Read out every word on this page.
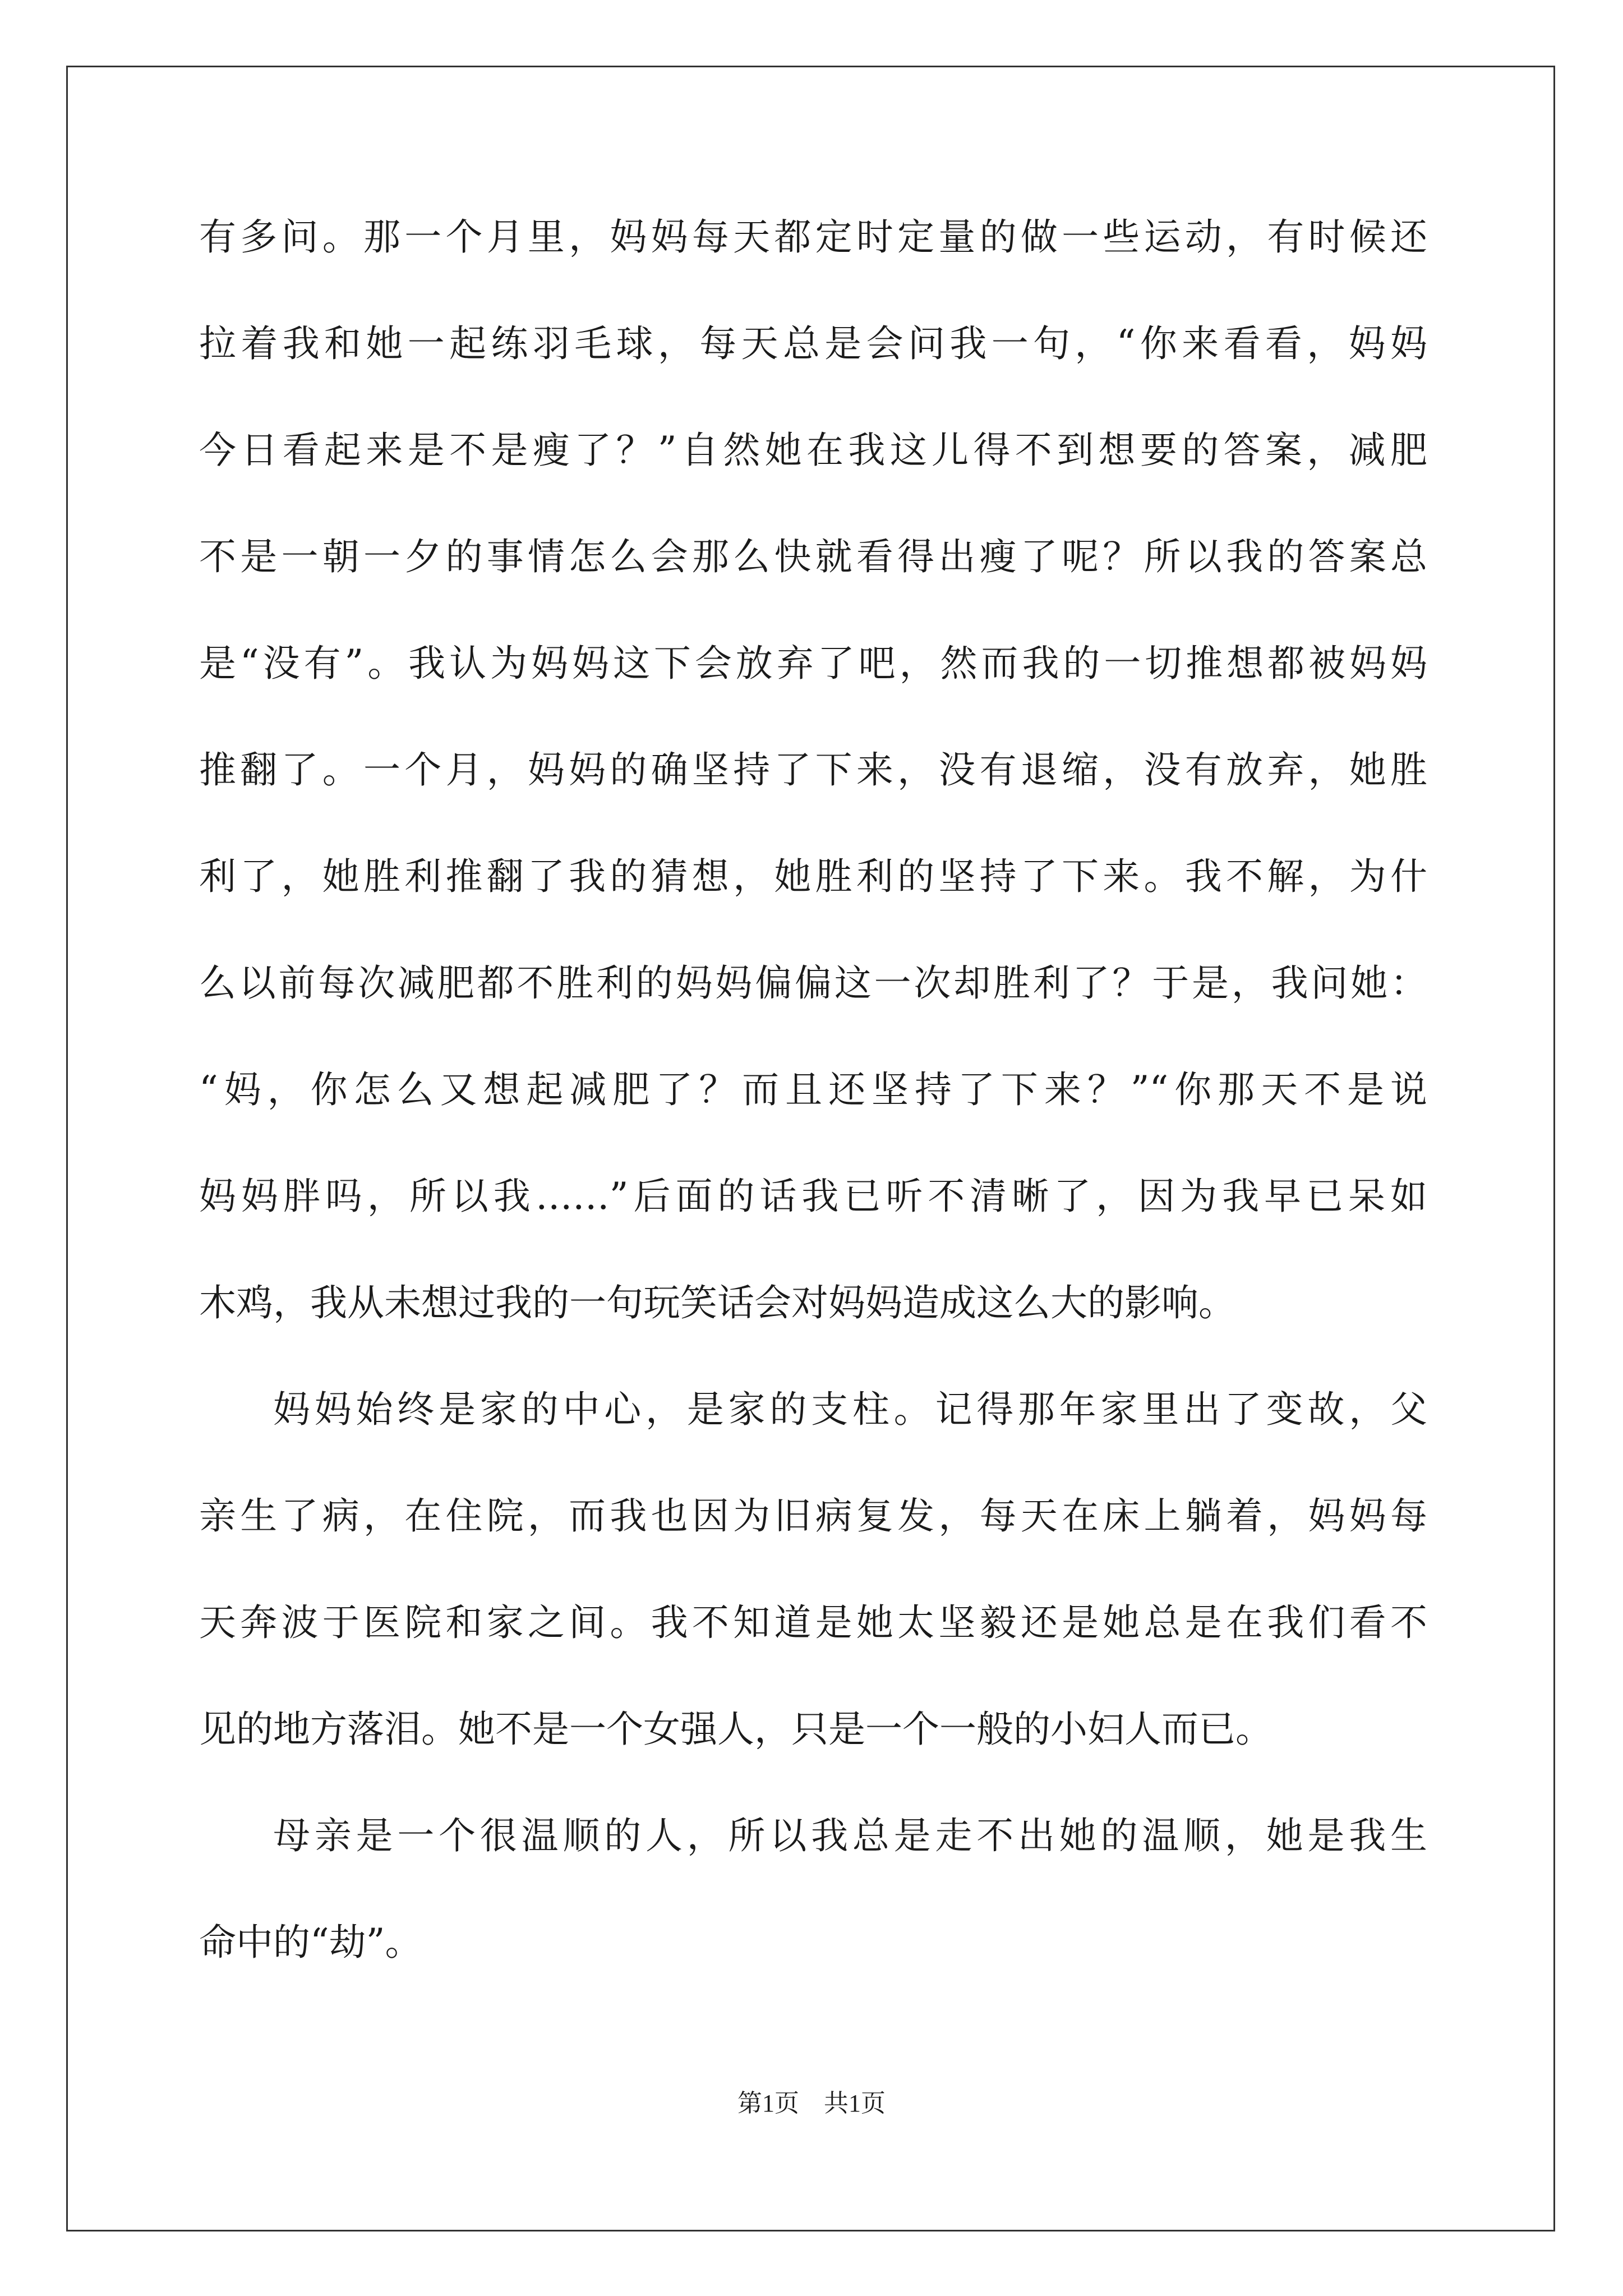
有多问。那一个月里，妈妈每天都定时定量的做一些运动，有时候还
拉着我和她一起练羽毛球，每天总是会问我一句，“你来看看，妈妈
今日看起来是不是瘦了？”自然她在我这儿得不到想要的答案，减肥
不是一朝一夕的事情怎么会那么快就看得出瘦了呢？所以我的答案总
是“没有”。我认为妈妈这下会放弃了吧，然而我的一切推想都被妈妈
推翻了。一个月，妈妈的确坚持了下来，没有退缩，没有放弃，她胜
利了，她胜利推翻了我的猜想，她胜利的坚持了下来。我不解，为什
么以前每次减肥都不胜利的妈妈偏偏这一次却胜利了？于是，我问她：
“妈，你怎么又想起减肥了？而且还坚持了下来？”“你那天不是说
妈妈胖吗，所以我……”后面的话我已听不清晰了，因为我早已呆如
木鸡，我从未想过我的一句玩笑话会对妈妈造成这么大的影响。
妈妈始终是家的中心，是家的支柱。记得那年家里出了变故，父
亲生了病，在住院，而我也因为旧病复发，每天在床上躺着，妈妈每
天奔波于医院和家之间。我不知道是她太坚毅还是她总是在我们看不
见的地方落泪。她不是一个女强人，只是一个一般的小妇人而已。
母亲是一个很温顺的人，所以我总是走不出她的温顺，她是我生
命中的“劫”。
第1页　共1页
